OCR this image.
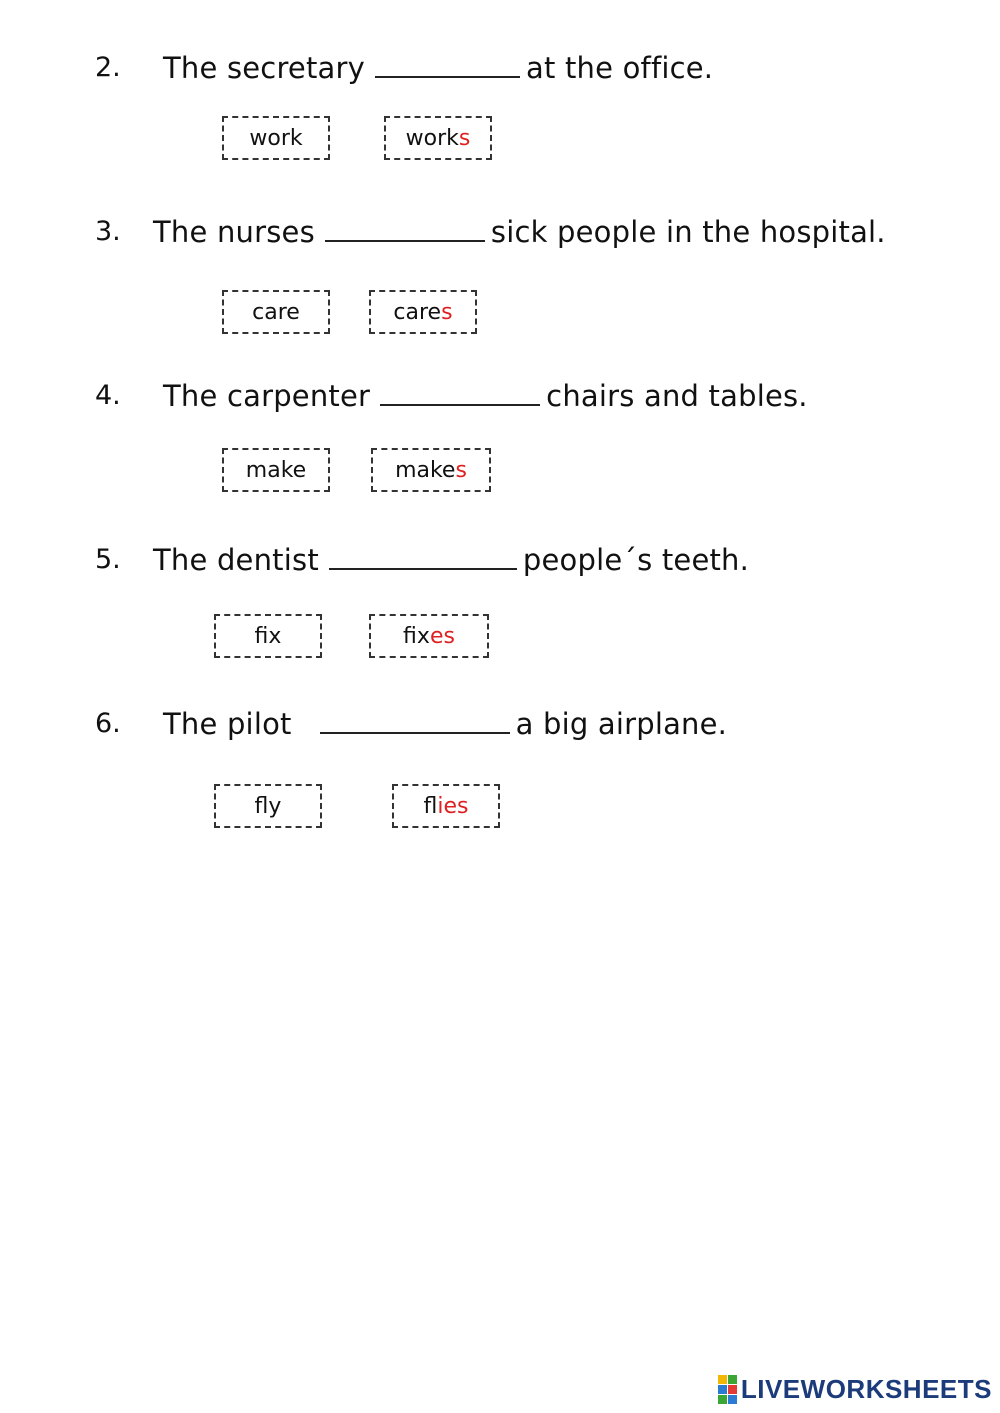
2. The secretary	at the office.
work	work s
3. The nurses	sick people in the hospital.
care	care s
4. The carpenter	chairs and tables.
make	make s
5. The dentist	people´s teeth.
fix	fix es
6. The pilot	a big airplane.
fly	fl ies
LIVEWORKSHEETS
